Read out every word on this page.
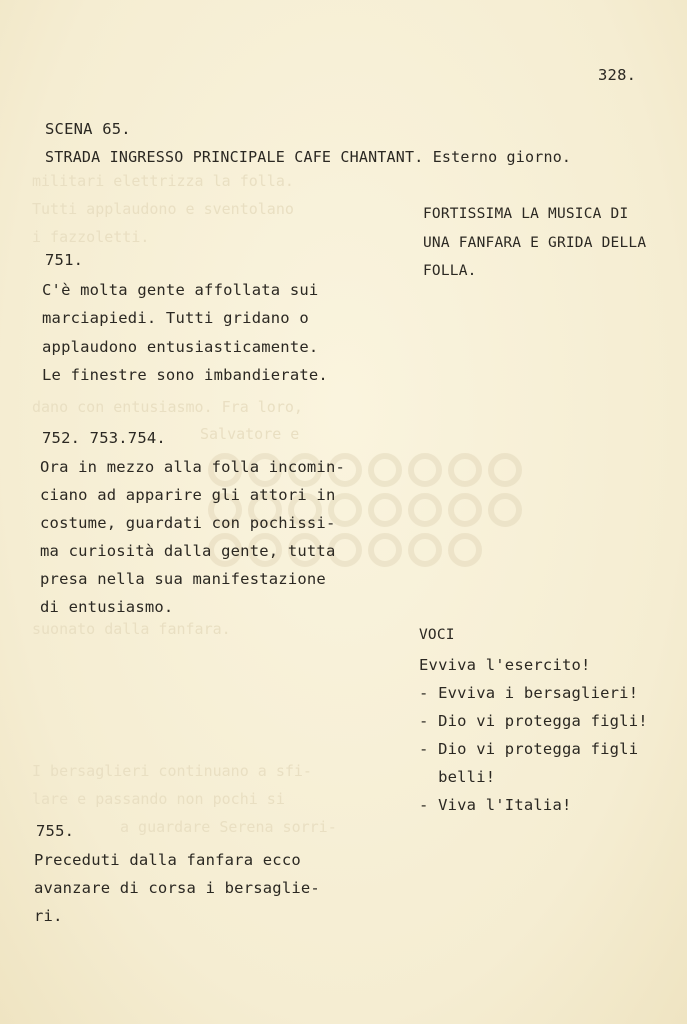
militari elettrizza la folla.
Tutti applaudono e sventolano
i fazzoletti.
dano con entusiasmo. Fra loro,
Salvatore e
suonato dalla fanfara.
I bersaglieri continuano a sfi-
lare e passando non pochi si
a guardare Serena sorri-
328.
SCENA 65.
STRADA INGRESSO PRINCIPALE CAFE CHANTANT. Esterno giorno.
FORTISSIMA LA MUSICA DI
UNA FANFARA E GRIDA DELLA
FOLLA.
751.
C'è molta gente affollata sui
marciapiedi. Tutti gridano o
applaudono entusiasticamente.
Le finestre sono imbandierate.
752. 753.754.
Ora in mezzo alla folla incomin-
ciano ad apparire gli attori in
costume, guardati con pochissi-
ma curiosità dalla gente, tutta
presa nella sua manifestazione
di entusiasmo.
VOCI
Evviva l'esercito!
- Evviva i bersaglieri!
- Dio vi protegga figli!
- Dio vi protegga figli
belli!
- Viva l'Italia!
755.
Preceduti dalla fanfara ecco
avanzare di corsa i bersaglie-
ri.
